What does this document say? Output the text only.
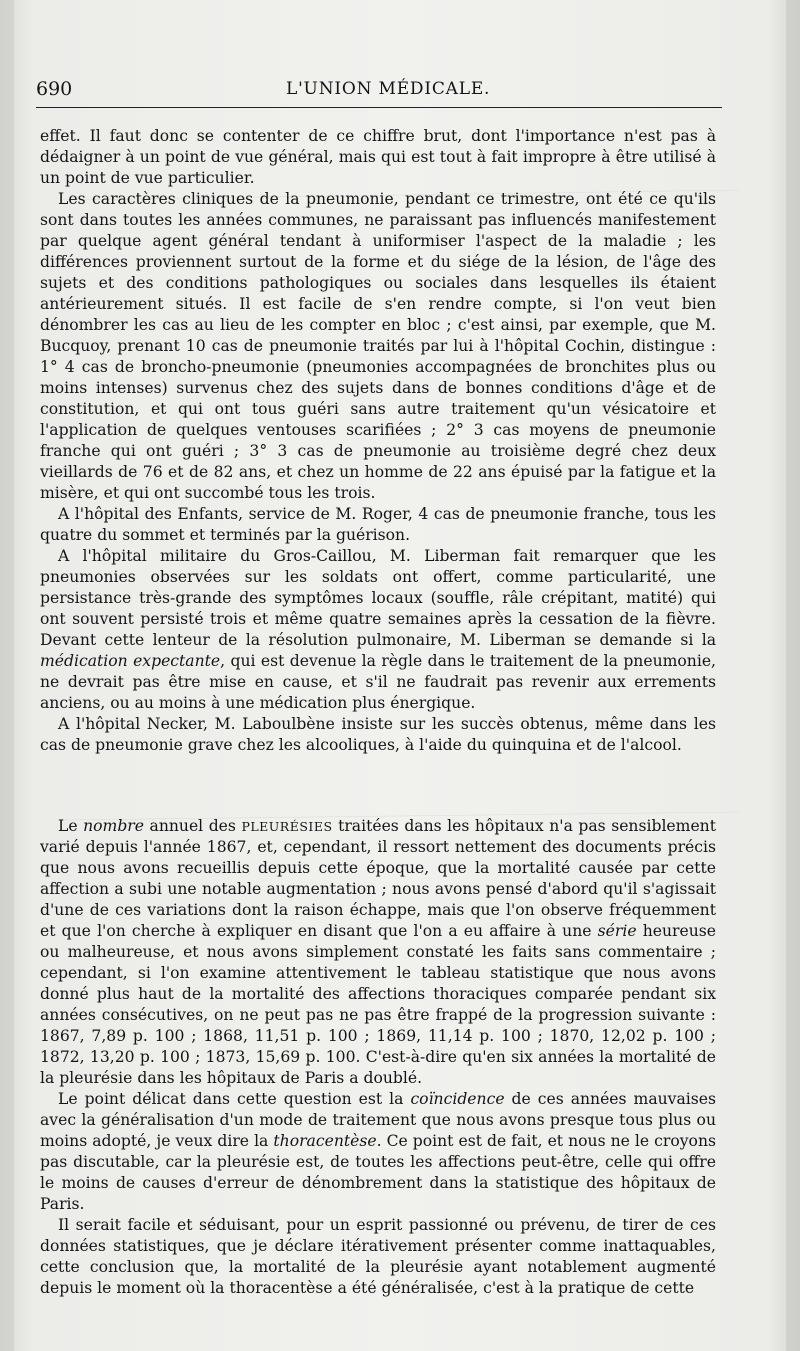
690	L'UNION MÉDICALE.

effet. Il faut donc se contenter de ce chiffre brut, dont l'importance n'est pas à dédaigner à un point de vue général, mais qui est tout à fait impropre à être utilisé à un point de vue particulier.

Les caractères cliniques de la pneumonie, pendant ce trimestre, ont été ce qu'ils sont dans toutes les années communes, ne paraissant pas influencés manifestement par quelque agent général tendant à uniformiser l'aspect de la maladie ; les différences proviennent surtout de la forme et du siége de la lésion, de l'âge des sujets et des conditions pathologiques ou sociales dans lesquelles ils étaient antérieurement situés. Il est facile de s'en rendre compte, si l'on veut bien dénombrer les cas au lieu de les compter en bloc ; c'est ainsi, par exemple, que M. Bucquoy, prenant 10 cas de pneumonie traités par lui à l'hôpital Cochin, distingue : 1° 4 cas de broncho-pneumonie (pneumonies accompagnées de bronchites plus ou moins intenses) survenus chez des sujets dans de bonnes conditions d'âge et de constitution, et qui ont tous guéri sans autre traitement qu'un vésicatoire et l'application de quelques ventouses scarifiées ; 2° 3 cas moyens de pneumonie franche qui ont guéri ; 3° 3 cas de pneumonie au troisième degré chez deux vieillards de 76 et de 82 ans, et chez un homme de 22 ans épuisé par la fatigue et la misère, et qui ont succombé tous les trois.

A l'hôpital des Enfants, service de M. Roger, 4 cas de pneumonie franche, tous les quatre du sommet et terminés par la guérison.

A l'hôpital militaire du Gros-Caillou, M. Liberman fait remarquer que les pneumonies observées sur les soldats ont offert, comme particularité, une persistance très-grande des symptômes locaux (souffle, râle crépitant, matité) qui ont souvent persisté trois et même quatre semaines après la cessation de la fièvre. Devant cette lenteur de la résolution pulmonaire, M. Liberman se demande si la médication expectante, qui est devenue la règle dans le traitement de la pneumonie, ne devrait pas être mise en cause, et s'il ne faudrait pas revenir aux errements anciens, ou au moins à une médication plus énergique.

A l'hôpital Necker, M. Laboulbène insiste sur les succès obtenus, même dans les cas de pneumonie grave chez les alcooliques, à l'aide du quinquina et de l'alcool.

Le nombre annuel des PLEURÉSIES traitées dans les hôpitaux n'a pas sensiblement varié depuis l'année 1867, et, cependant, il ressort nettement des documents précis que nous avons recueillis depuis cette époque, que la mortalité causée par cette affection a subi une notable augmentation ; nous avons pensé d'abord qu'il s'agissait d'une de ces variations dont la raison échappe, mais que l'on observe fréquemment et que l'on cherche à expliquer en disant que l'on a eu affaire à une série heureuse ou malheureuse, et nous avons simplement constaté les faits sans commentaire ; cependant, si l'on examine attentivement le tableau statistique que nous avons donné plus haut de la mortalité des affections thoraciques comparée pendant six années consécutives, on ne peut pas ne pas être frappé de la progression suivante : 1867, 7,89 p. 100 ; 1868, 11,51 p. 100 ; 1869, 11,14 p. 100 ; 1870, 12,02 p. 100 ; 1872, 13,20 p. 100 ; 1873, 15,69 p. 100. C'est-à-dire qu'en six années la mortalité de la pleurésie dans les hôpitaux de Paris a doublé.

Le point délicat dans cette question est la coïncidence de ces années mauvaises avec la généralisation d'un mode de traitement que nous avons presque tous plus ou moins adopté, je veux dire la thoracentèse. Ce point est de fait, et nous ne le croyons pas discutable, car la pleurésie est, de toutes les affections peut-être, celle qui offre le moins de causes d'erreur de dénombrement dans la statistique des hôpitaux de Paris.

Il serait facile et séduisant, pour un esprit passionné ou prévenu, de tirer de ces données statistiques, que je déclare itérativement présenter comme inattaquables, cette conclusion que, la mortalité de la pleurésie ayant notablement augmenté depuis le moment où la thoracentèse a été généralisée, c'est à la pratique de cette
